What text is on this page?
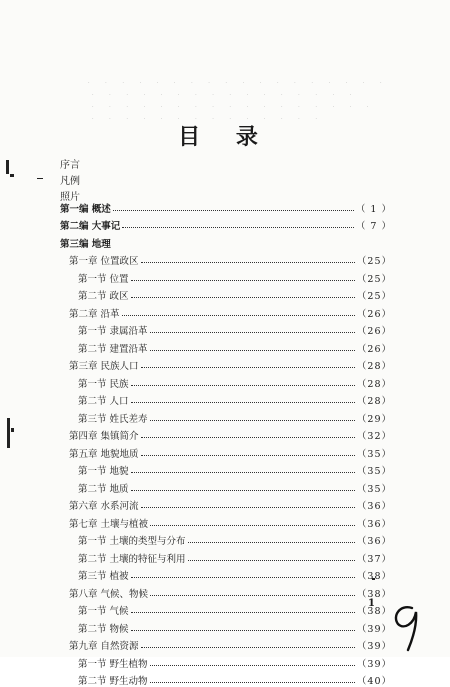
· · · · · · · · · · · · · · · · · ·
· · · · · · · · · · · · · · · ·
· · · · · · · · · · · · · · · · ·
· · · · · · · · · · · · · ·
目 录
序言
凡例
照片
第一编 概述	（ 1 ）
第二编 大事记	（ 7 ）
第三编 地理
第一章 位置政区	（25）
第一节 位置	（25）
第二节 政区	（25）
第二章 沿革	（26）
第一节 隶属沿革	（26）
第二节 建置沿革	（26）
第三章 民族人口	（28）
第一节 民族	（28）
第二节 人口	（28）
第三节 姓氏差寿	（29）
第四章 集镇简介	（32）
第五章 地貌地质	（35）
第一节 地貌	（35）
第二节 地质	（35）
第六章 水系河流	（36）
第七章 土壤与植被	（36）
第一节 土壤的类型与分布	（36）
第二节 土壤的特征与利用	（37）
第三节 植被	（38）
第八章 气候、物候	（38）
第一节 气候	（38）
第二节 物候	（39）
第九章 自然资源	（39）
第一节 野生植物	（39）
第二节 野生动物	（40）
1
